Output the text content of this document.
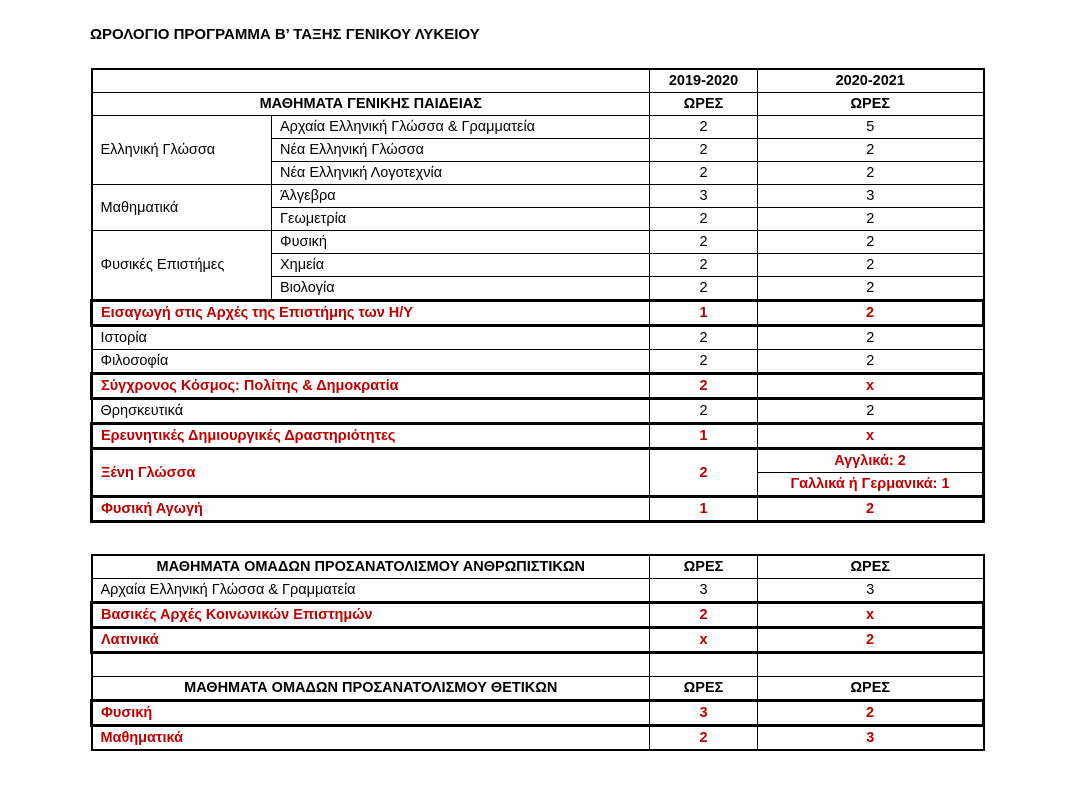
ΩΡΟΛΟΓΙΟ ΠΡΟΓΡΑΜΜΑ Β’ ΤΑΞΗΣ ΓΕΝΙΚΟΥ ΛΥΚΕΙΟΥ
		2019-2020	2020-2021
ΜΑΘΗΜΑΤΑ ΓΕΝΙΚΗΣ ΠΑΙΔΕΙΑΣ		ΩΡΕΣ	ΩΡΕΣ
Ελληνική Γλώσσα	Αρχαία Ελληνική Γλώσσα & Γραμματεία	2	5
	Νέα Ελληνική Γλώσσα	2	2
	Νέα Ελληνική Λογοτεχνία	2	2
Μαθηματικά	Άλγεβρα	3	3
	Γεωμετρία	2	2
Φυσικές Επιστήμες	Φυσική	2	2
	Χημεία	2	2
	Βιολογία	2	2
Εισαγωγή στις Αρχές της Επιστήμης των Η/Υ		1	2
Ιστορία		2	2
Φιλοσοφία		2	2
Σύγχρονος Κόσμος: Πολίτης & Δημοκρατία		2	x
Θρησκευτικά		2	2
Ερευνητικές Δημιουργικές Δραστηριότητες		1	x
Ξένη Γλώσσα		2	Αγγλικά: 2
			Γαλλικά ή Γερμανικά: 1
Φυσική Αγωγή		1	2
ΜΑΘΗΜΑΤΑ ΟΜΑΔΩΝ ΠΡΟΣΑΝΑΤΟΛΙΣΜΟΥ ΑΝΘΡΩΠΙΣΤΙΚΩΝ	ΩΡΕΣ	ΩΡΕΣ
Αρχαία Ελληνική Γλώσσα & Γραμματεία	3	3
Βασικές Αρχές Κοινωνικών Επιστημών	2	x
Λατινικά	x	2

ΜΑΘΗΜΑΤΑ ΟΜΑΔΩΝ ΠΡΟΣΑΝΑΤΟΛΙΣΜΟΥ ΘΕΤΙΚΩΝ	ΩΡΕΣ	ΩΡΕΣ
Φυσική	3	2
Μαθηματικά	2	3
